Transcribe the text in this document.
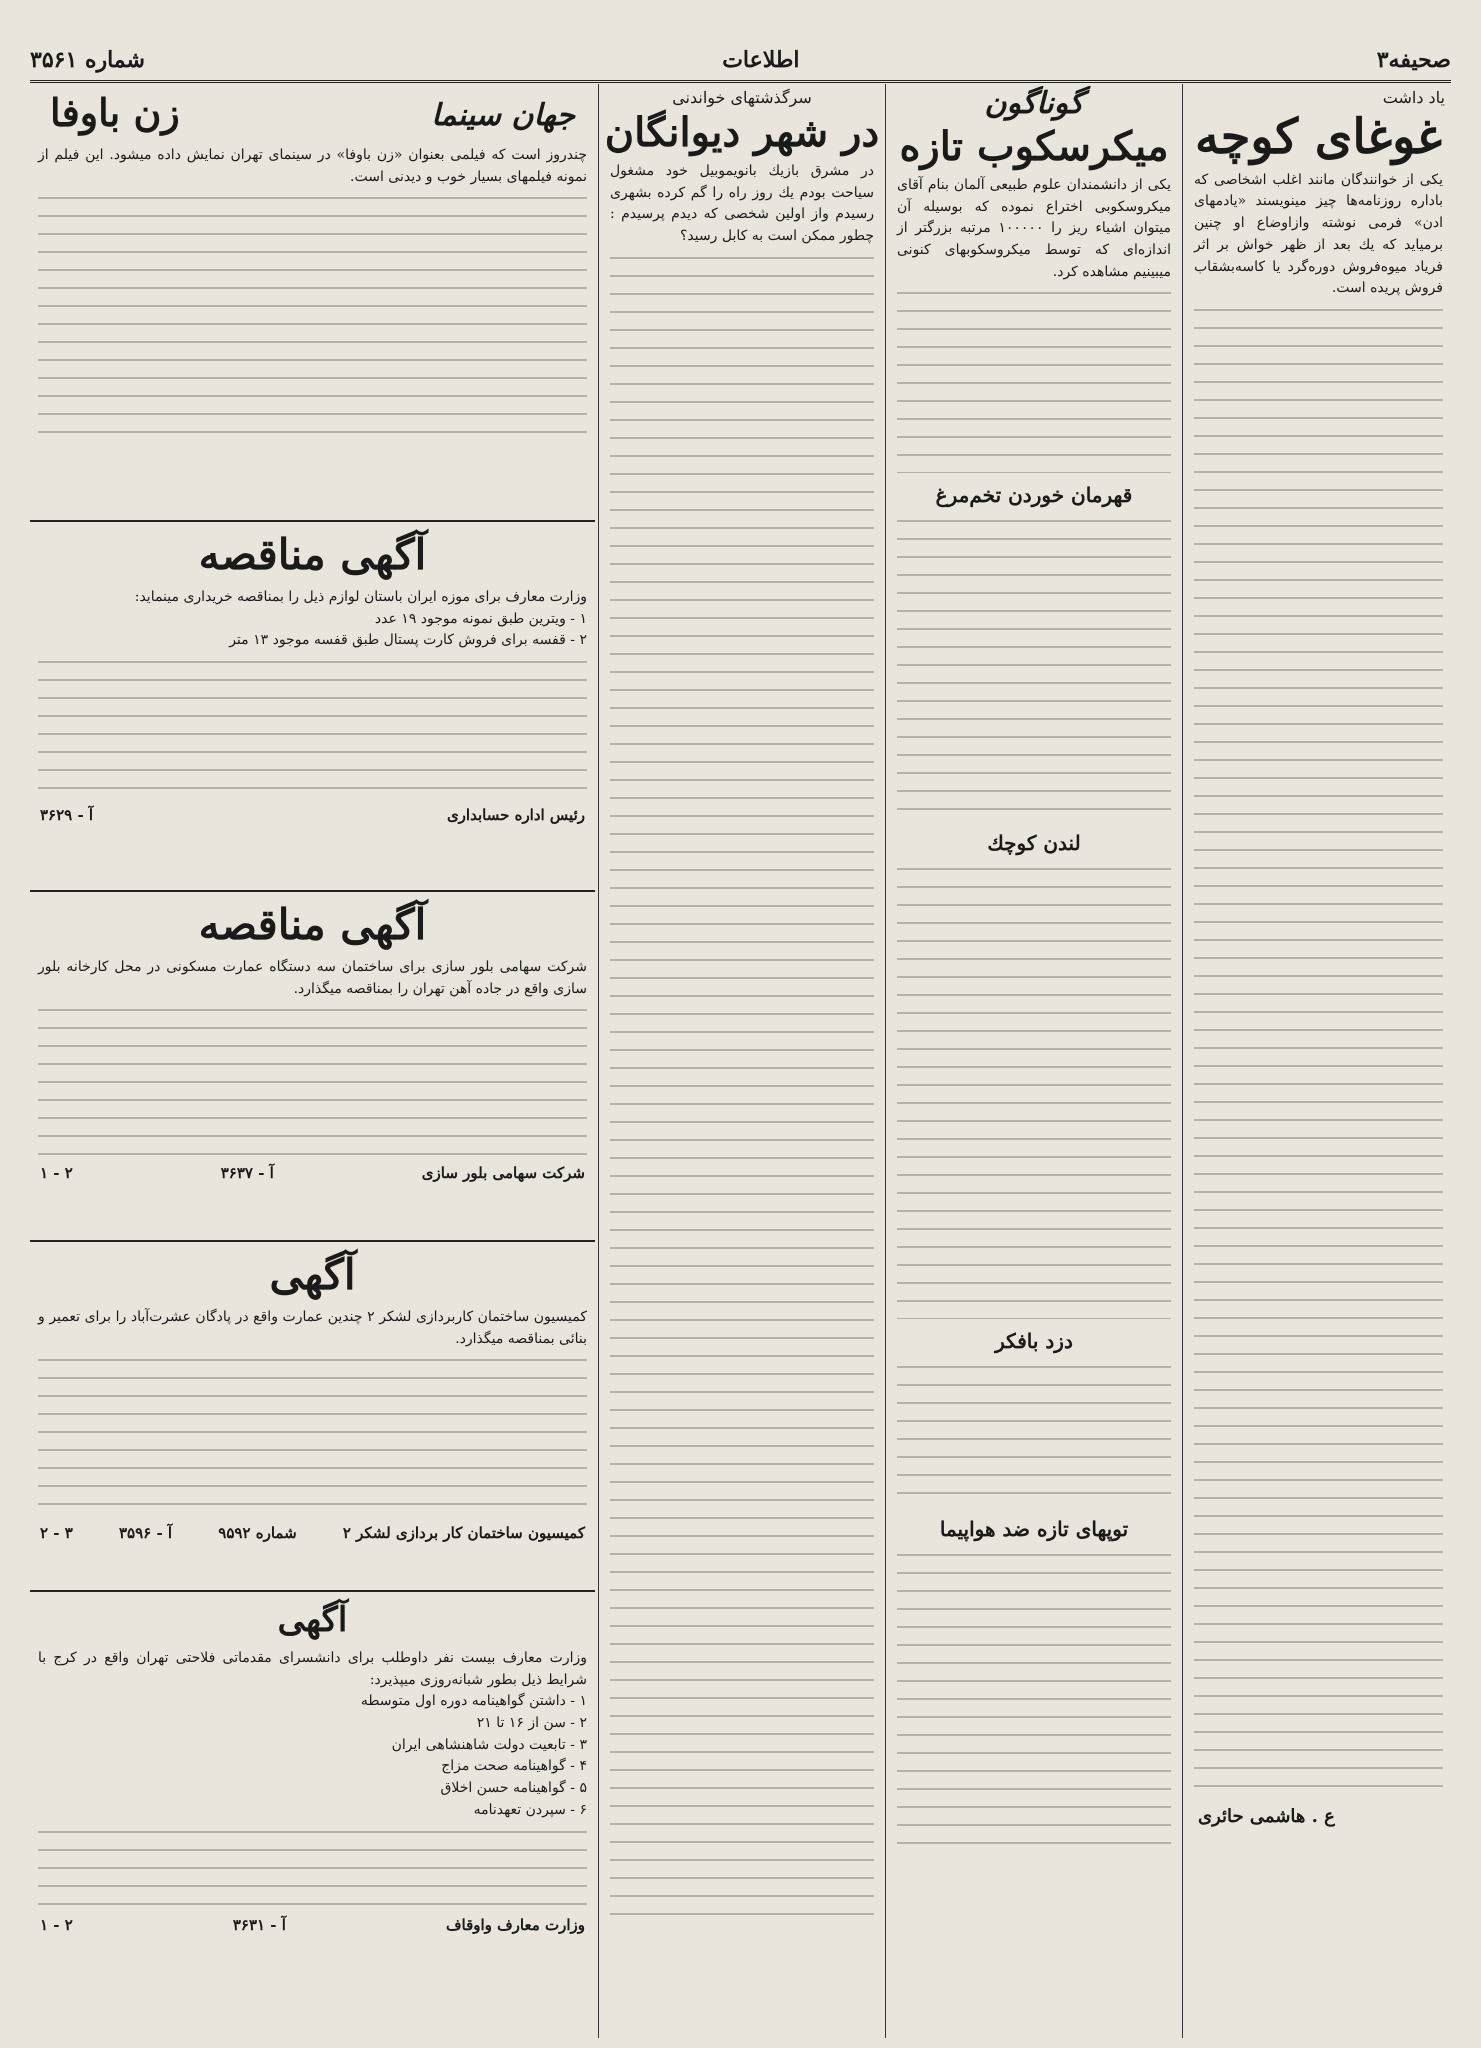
صحیفه۳
اطلاعات
شماره ۳۵۶۱
یاد داشت
غوغای کوچه
یکی از خوانندگان مانند اغلب اشخاصی که باداره روزنامه‌ها چیز مینویسند «یادمهای ادن» فرمی نوشته وازاوضاع او چنین برمیاید که یك بعد از ظهر خواش بر اثر فریاد میوه‌فروش دوره‌گرد یا کاسه‌بشقاب فروش پریده است.
ع . هاشمی حائری
گوناگون
میکرسکوب تازه
یکی از دانشمندان علوم طبیعی آلمان بنام آقای میکروسکوبی اختراع نموده که بوسیله آن میتوان اشیاء ریز را ۱۰۰۰۰۰ مرتبه بزرگتر از اندازه‌ای که توسط میکروسکوبهای کنونی میبینیم مشاهده کرد.
قهرمان خوردن تخم‌مرغ
لندن کوچك
دزد بافکر
توپهای تازه ضد هواپیما
سرگذشتهای خواندنی
در شهر دیوانگان
در مشرق بازیك بانویموبیل خود مشغول سیاحت بودم یك روز راه را گم کرده بشهری رسیدم واز اولین شخصی که دیدم پرسیدم : چطور ممکن است به کابل رسید؟
جهان سینما
زن باوفا
چندروز است که فیلمی بعنوان «زن باوفا» در سینمای تهران نمایش داده میشود. این فیلم از نمونه فیلمهای بسیار خوب و دیدنی است.
آگهی مناقصه
وزارت معارف برای موزه ایران باستان لوازم ذیل را بمناقصه خریداری مینماید:
۱ - ویترین طبق نمونه موجود ۱۹ عدد
۲ - قفسه برای فروش کارت پستال طبق قفسه موجود ۱۳ متر
رئیس اداره حسابداری
آ - ۳۶۲۹
آگهی مناقصه
شرکت سهامی بلور سازی برای ساختمان سه دستگاه عمارت مسکونی در محل کارخانه بلور سازی واقع در جاده آهن تهران را بمناقصه میگذارد.
شرکت سهامی بلور سازی
آ - ۳۶۳۷
۲ - ۱
آگهی
کمیسیون ساختمان کاربردازی لشکر ۲ چندین عمارت واقع در پادگان عشرت‌آباد را برای تعمیر و بنائی بمناقصه میگذارد.
کمیسیون ساختمان کار بردازی لشکر ۲
شماره ۹۵۹۲
آ - ۳۵۹۶
۳ - ۲
آگهی
وزارت معارف بیست نفر داوطلب برای دانشسرای مقدماتی فلاحتی تهران واقع در کرج با شرایط ذیل بطور شبانه‌روزی میپذیرد:
۱ - داشتن گواهینامه دوره اول متوسطه
۲ - سن از ۱۶ تا ۲۱
۳ - تابعیت دولت شاهنشاهی ایران
۴ - گواهینامه صحت مزاج
۵ - گواهینامه حسن اخلاق
۶ - سپردن تعهدنامه
وزارت معارف واوقاف
آ - ۳۶۳۱
۲ - ۱
